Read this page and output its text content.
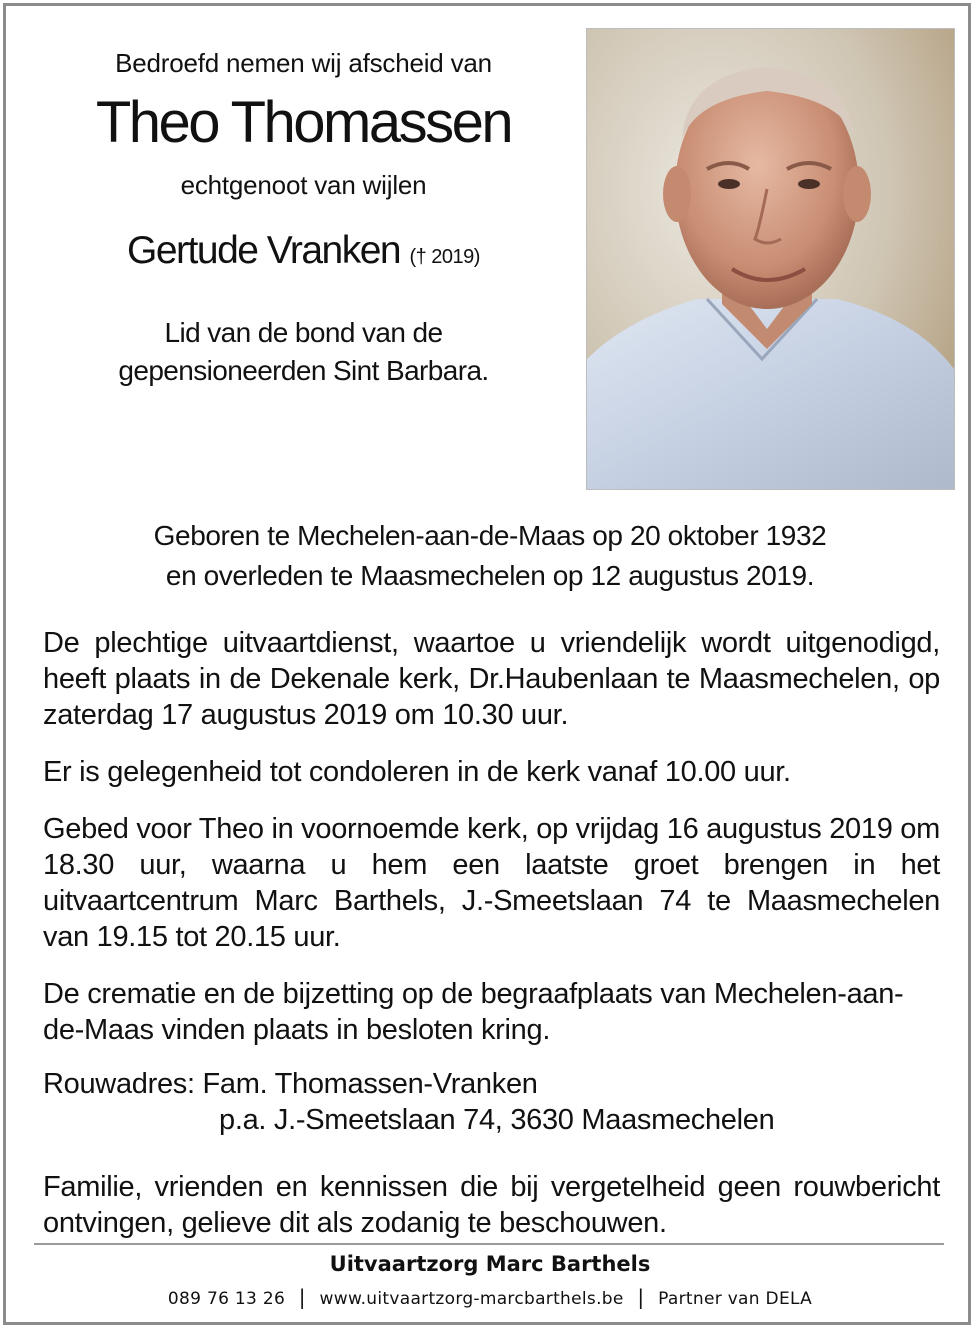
Bedroefd nemen wij afscheid van
Theo Thomassen
echtgenoot van wijlen
Gertude Vranken († 2019)
Lid van de bond van de
gepensioneerden Sint Barbara.
Geboren te Mechelen-aan-de-Maas op 20 oktober 1932
en overleden te Maasmechelen op 12 augustus 2019.
De plechtige uitvaartdienst, waartoe u vriendelijk wordt uitgenodigd, heeft plaats in de Dekenale kerk, Dr.Haubenlaan te Maasmechelen, op zaterdag 17 augustus 2019 om 10.30 uur.
Er is gelegenheid tot condoleren in de kerk vanaf 10.00 uur.
Gebed voor Theo in voornoemde kerk, op vrijdag 16 augustus 2019 om 18.30 uur, waarna u hem een laatste groet brengen in het uitvaartcentrum Marc Barthels, J.-Smeetslaan 74 te Maasmechelen van 19.15 tot 20.15 uur.
De crematie en de bijzetting op de begraafplaats van Mechelen-aan-de-Maas vinden plaats in besloten kring.
Rouwadres: Fam. Thomassen-Vranken
p.a. J.-Smeetslaan 74, 3630 Maasmechelen
Familie, vrienden en kennissen die bij vergetelheid geen rouwbericht ontvingen, gelieve dit als zodanig te beschouwen.
Uitvaartzorg Marc Barthels
089 76 13 26 | www.uitvaartzorg-marcbarthels.be | Partner van DELA
